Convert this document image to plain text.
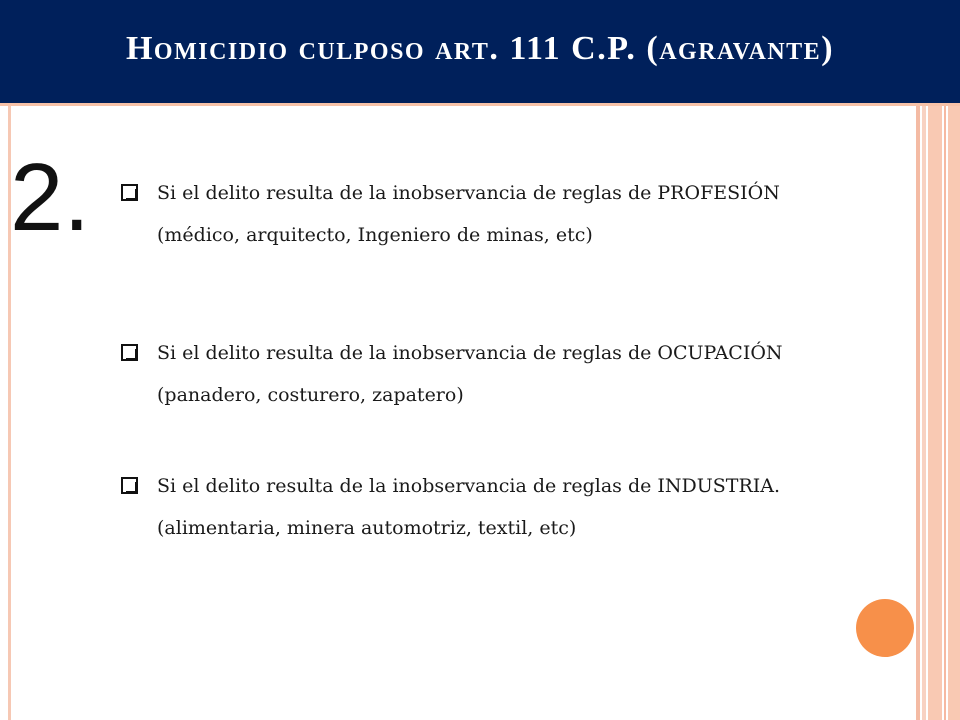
Homicidio culposo art. 111 C.P. (agravante)
2.	Si el delito resulta de la inobservancia de reglas de PROFESIÓN
(médico, arquitecto, Ingeniero de minas, etc)
Si el delito resulta de la inobservancia de reglas de OCUPACIÓN
(panadero, costurero, zapatero)
Si el delito resulta de la inobservancia de reglas de INDUSTRIA.
(alimentaria, minera automotriz, textil, etc)
